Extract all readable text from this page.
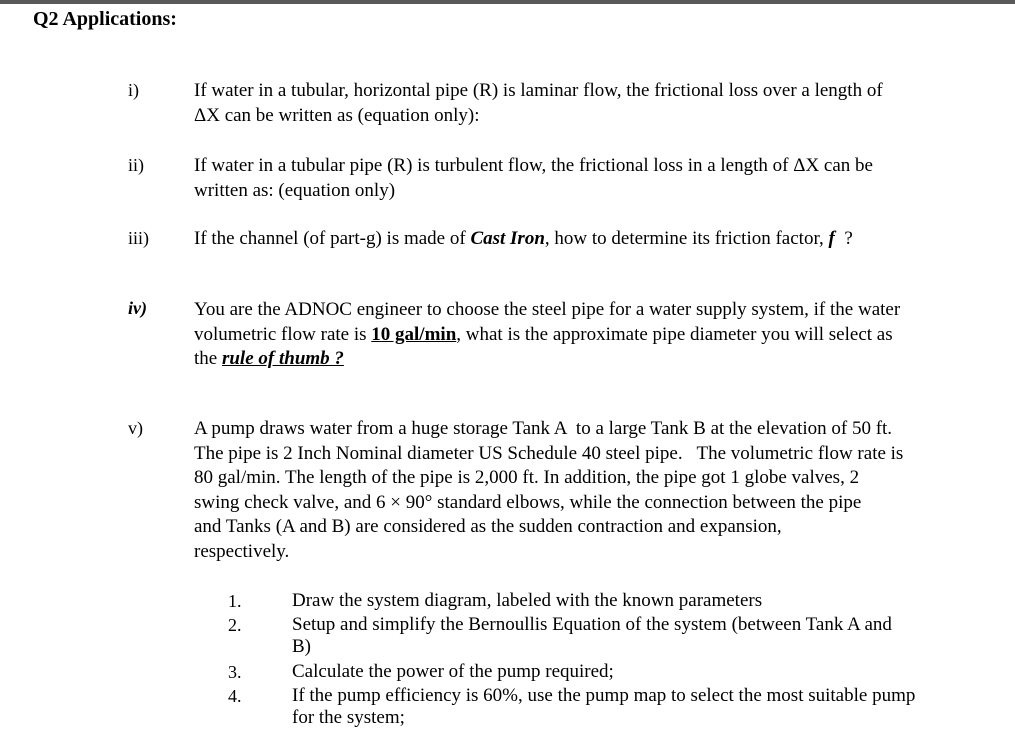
Q2 Applications:
i)	If water in a tubular, horizontal pipe (R) is laminar flow, the frictional loss over a length of
ΔX can be written as (equation only):
ii)	If water in a tubular pipe (R) is turbulent flow, the frictional loss in a length of ΔX can be
written as: (equation only)
iii) If the channel (of part-g) is made of Cast Iron, how to determine its friction factor, f  ?
iv) You are the ADNOC engineer to choose the steel pipe for a water supply system, if the water
volumetric flow rate is 10 gal/min, what is the approximate pipe diameter you will select as
the rule of thumb ?
v)	A pump draws water from a huge storage Tank A  to a large Tank B at the elevation of 50 ft.
The pipe is 2 Inch Nominal diameter US Schedule 40 steel pipe.   The volumetric flow rate is
80 gal/min. The length of the pipe is 2,000 ft. In addition, the pipe got 1 globe valves, 2
swing check valve, and 6 × 90° standard elbows, while the connection between the pipe
and Tanks (A and B) are considered as the sudden contraction and expansion,
respectively.
1.	Draw the system diagram, labeled with the known parameters
2.	Setup and simplify the Bernoullis Equation of the system (between Tank A and
B)
3.	Calculate the power of the pump required;
4.	If the pump efficiency is 60%, use the pump map to select the most suitable pump
for the system;
